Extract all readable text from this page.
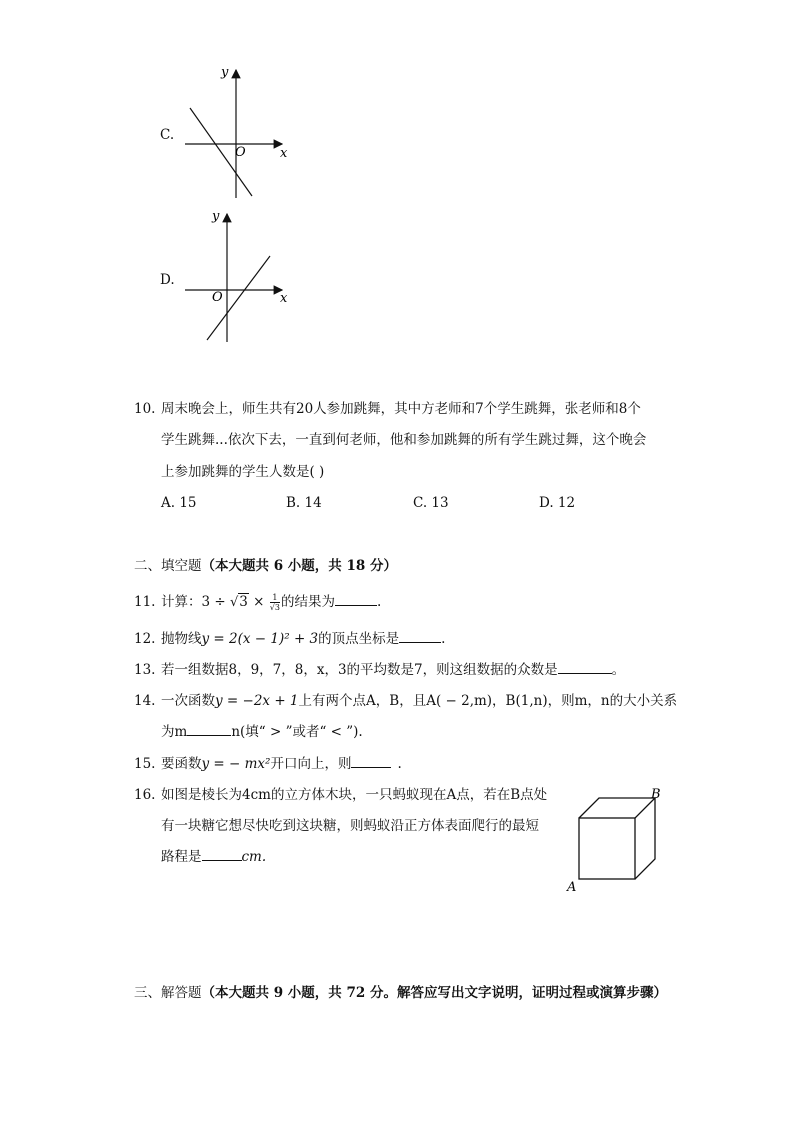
C.
y
x
O
D.
y
x
O
10. 周末晚会上，师生共有20人参加跳舞，其中方老师和7个学生跳舞，张老师和8个
学生跳舞...依次下去，一直到何老师，他和参加跳舞的所有学生跳过舞，这个晚会
上参加跳舞的学生人数是( )
A. 15	B. 14	C. 13	D. 12
二、填空题（本大题共 6 小题，共 18 分）
11. 计算：$3 \div √3 \times \frac{1}{√3}$ 的结果为	.
12. 抛物线y = 2(x − 1)² + 3的顶点坐标是	.
13. 若一组数据8，9，7，8，x，3的平均数是7，则这组数据的众数是	。
14. 一次函数y = −2x + 1上有两个点A，B，且A( − 2,m)，B(1,n)，则m，n的大小关系
为m	n(填“ > ”或者“ < ”).
15. 要函数y = − mx²开口向上，则	.
16. 如图是棱长为4cm的立方体木块，一只蚂蚁现在A点，若在B点处
有一块糖它想尽快吃到这块糖，则蚂蚁沿正方体表面爬行的最短
路程是	cm.
B
A
三、解答题（本大题共 9 小题，共 72 分。解答应写出文字说明，证明过程或演算步骤）
